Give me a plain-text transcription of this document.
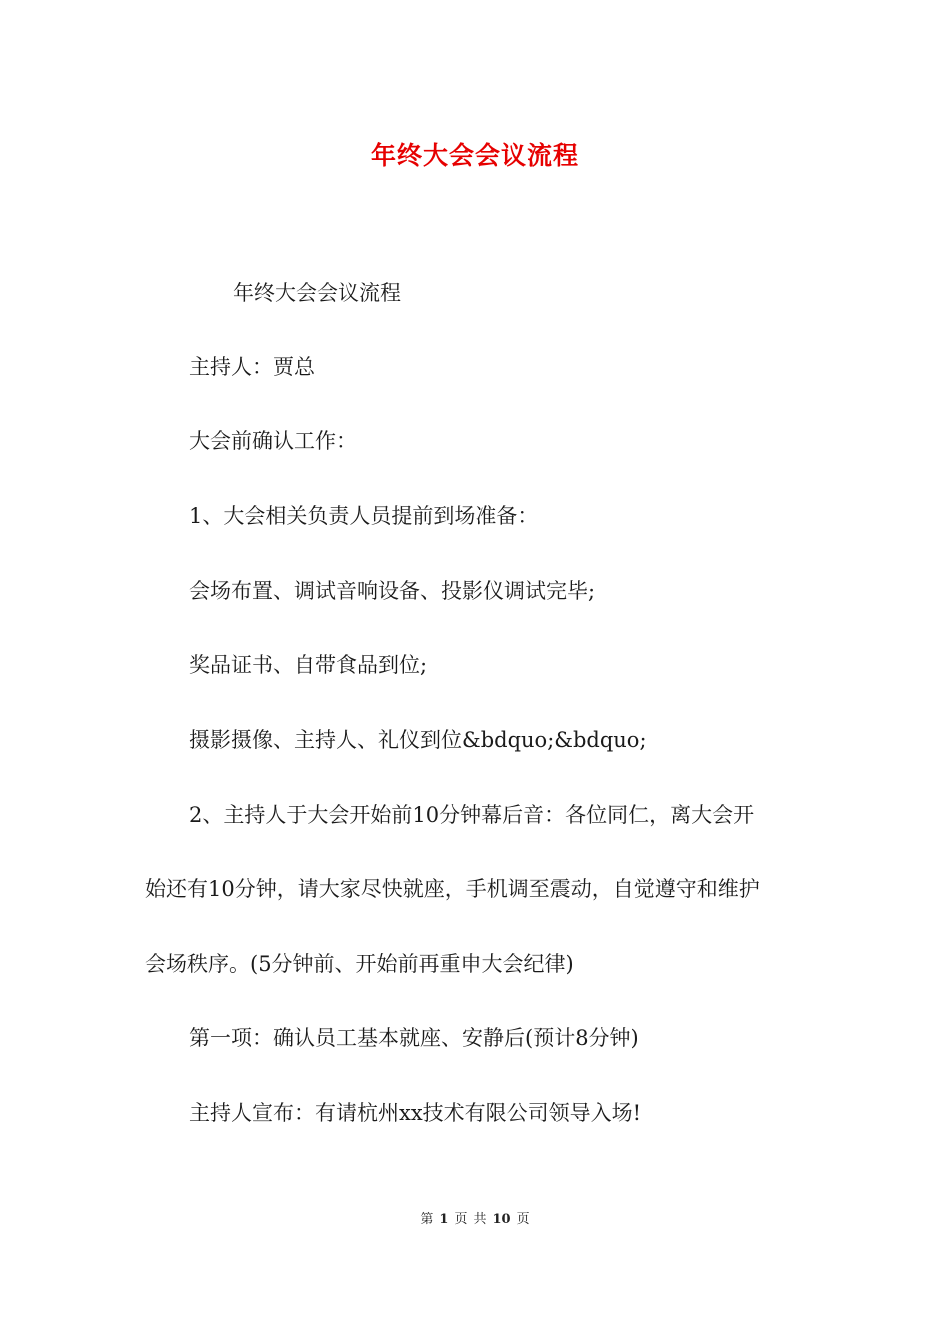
年终大会会议流程
年终大会会议流程
主持人：贾总
大会前确认工作：
1、大会相关负责人员提前到场准备：
会场布置、调试音响设备、投影仪调试完毕;
奖品证书、自带食品到位;
摄影摄像、主持人、礼仪到位&bdquo;&bdquo;
2、主持人于大会开始前10分钟幕后音：各位同仁，离大会开
始还有10分钟，请大家尽快就座，手机调至震动，自觉遵守和维护
会场秩序。(5分钟前、开始前再重申大会纪律)
第一项：确认员工基本就座、安静后(预计8分钟)
主持人宣布：有请杭州xx技术有限公司领导入场!
第 1 页 共 10 页
